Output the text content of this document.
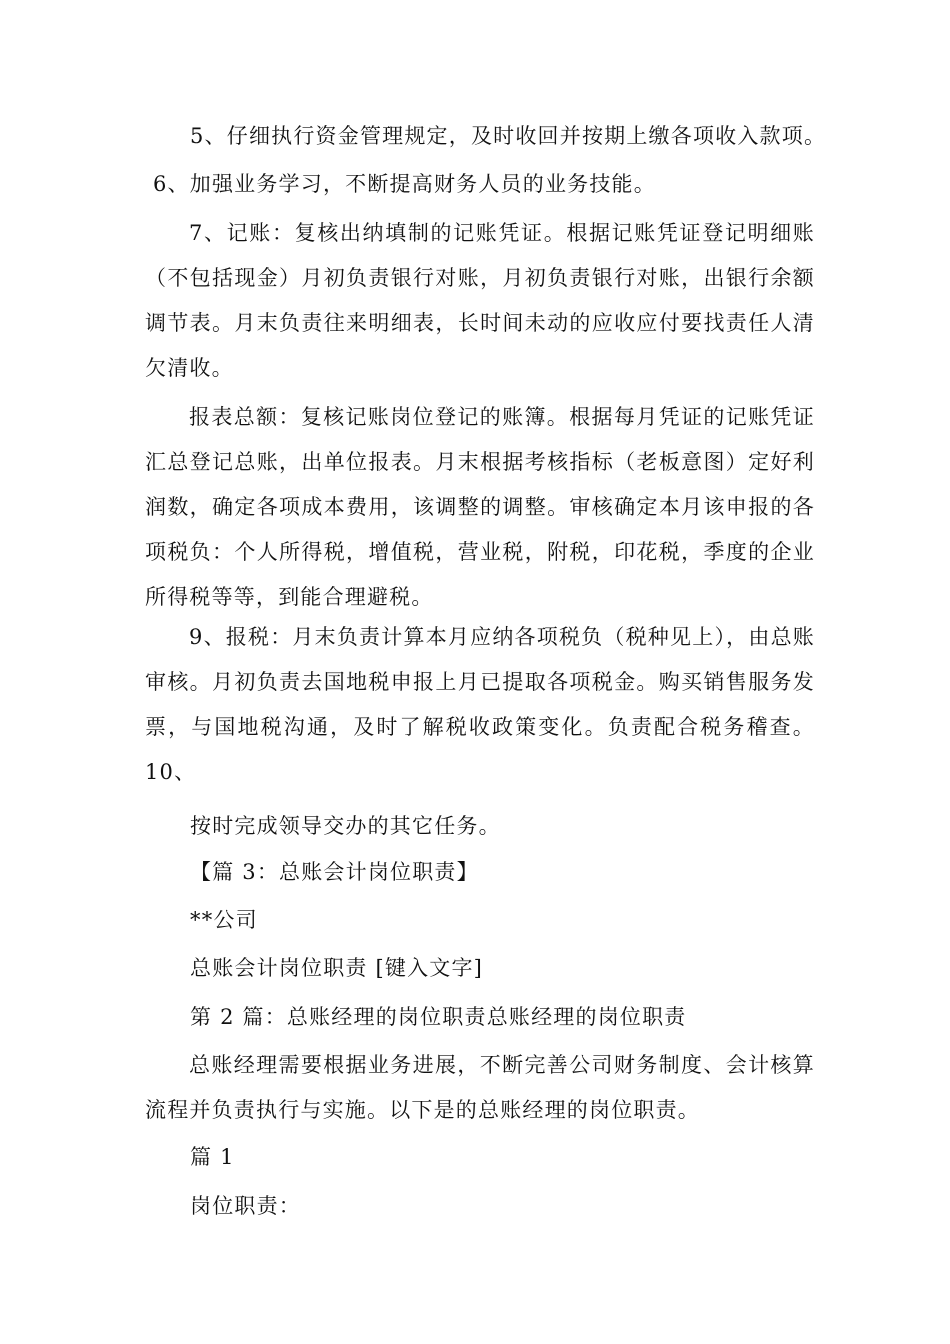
5、仔细执行资金管理规定，及时收回并按期上缴各项收入款项。
6、加强业务学习，不断提高财务人员的业务技能。
7、记账：复核出纳填制的记账凭证。根据记账凭证登记明细账（不包括现金）月初负责银行对账，月初负责银行对账，出银行余额调节表。月末负责往来明细表，长时间未动的应收应付要找责任人清欠清收。
报表总额：复核记账岗位登记的账簿。根据每月凭证的记账凭证汇总登记总账，出单位报表。月末根据考核指标（老板意图）定好利润数，确定各项成本费用，该调整的调整。审核确定本月该申报的各项税负：个人所得税，增值税，营业税，附税，印花税，季度的企业所得税等等，到能合理避税。
9、报税：月末负责计算本月应纳各项税负（税种见上），由总账审核。月初负责去国地税申报上月已提取各项税金。购买销售服务发票，与国地税沟通，及时了解税收政策变化。负责配合税务稽查。 10、
按时完成领导交办的其它任务。
【篇 3：总账会计岗位职责】
**公司
总账会计岗位职责 [键入文字]
第 2 篇：总账经理的岗位职责总账经理的岗位职责
总账经理需要根据业务进展，不断完善公司财务制度、会计核算流程并负责执行与实施。以下是的总账经理的岗位职责。
篇 1
岗位职责：
